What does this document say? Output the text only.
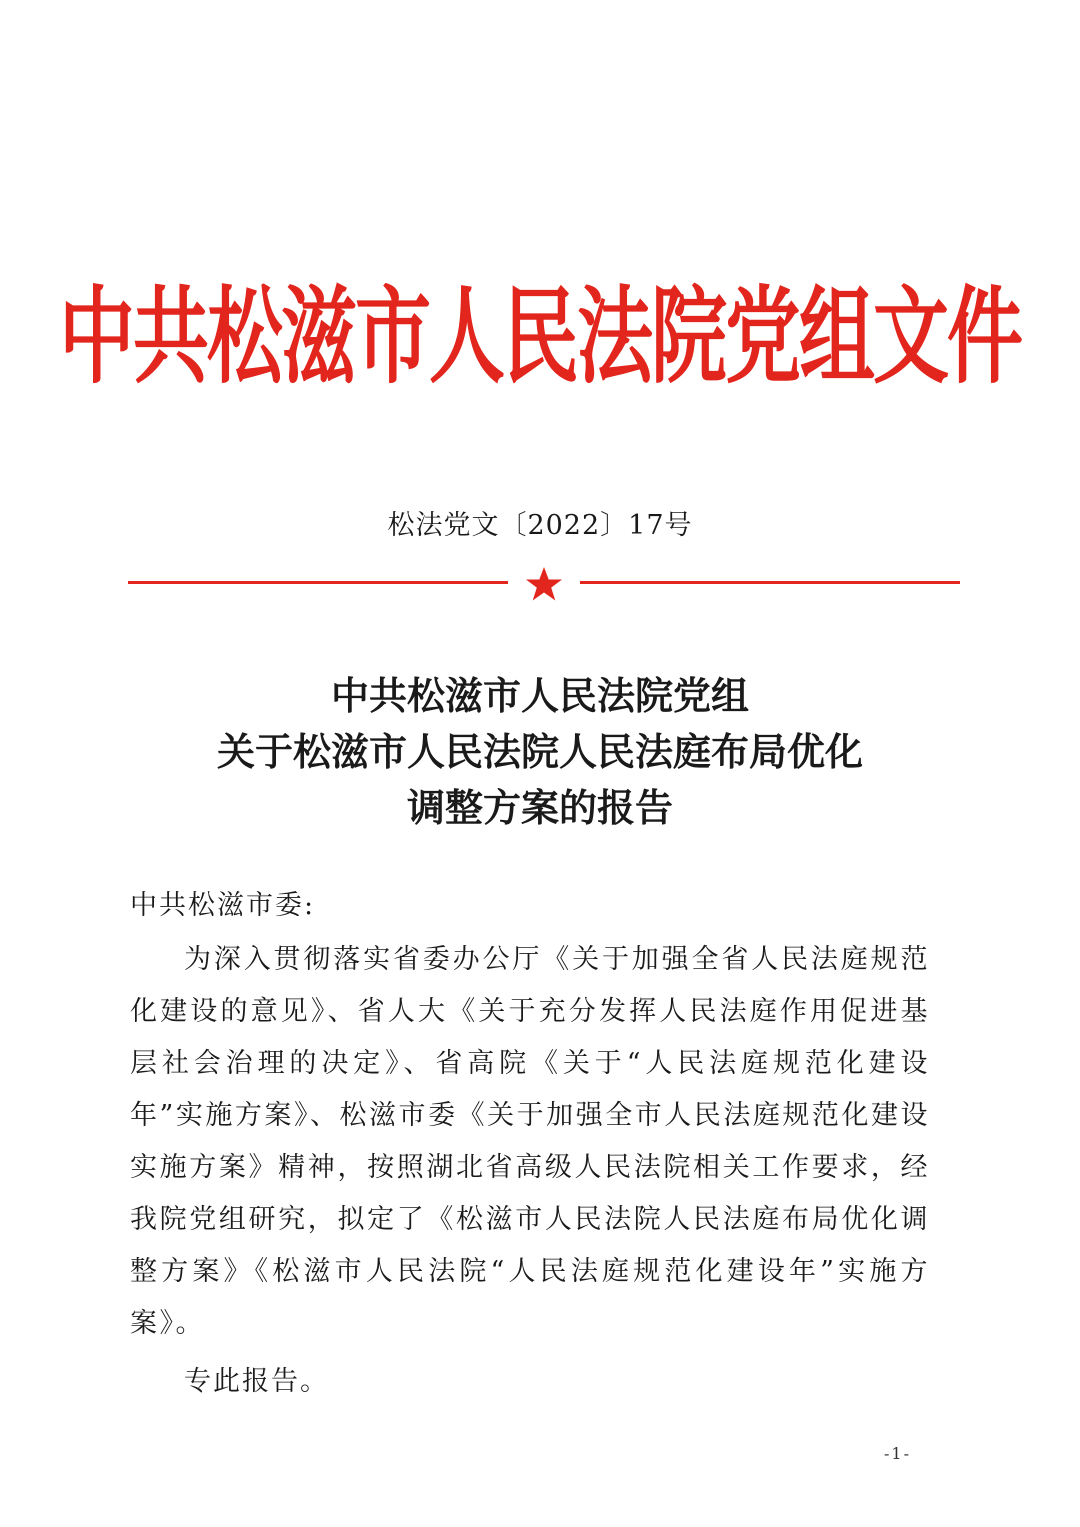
中共松滋市人民法院党组文件
松法党文〔2022〕17号
中共松滋市人民法院党组
关于松滋市人民法院人民法庭布局优化
调整方案的报告

中共松滋市委:

为深入贯彻落实省委办公厅《关于加强全省人民法庭规范化建设的意见》、省人大《关于充分发挥人民法庭作用促进基层社会治理的决定》、省高院《关于“人民法庭规范化建设年”实施方案》、松滋市委《关于加强全市人民法庭规范化建设实施方案》精神，按照湖北省高级人民法院相关工作要求，经我院党组研究，拟定了《松滋市人民法院人民法庭布局优化调整方案》《松滋市人民法院“人民法庭规范化建设年”实施方案》。

专此报告。

-1-
